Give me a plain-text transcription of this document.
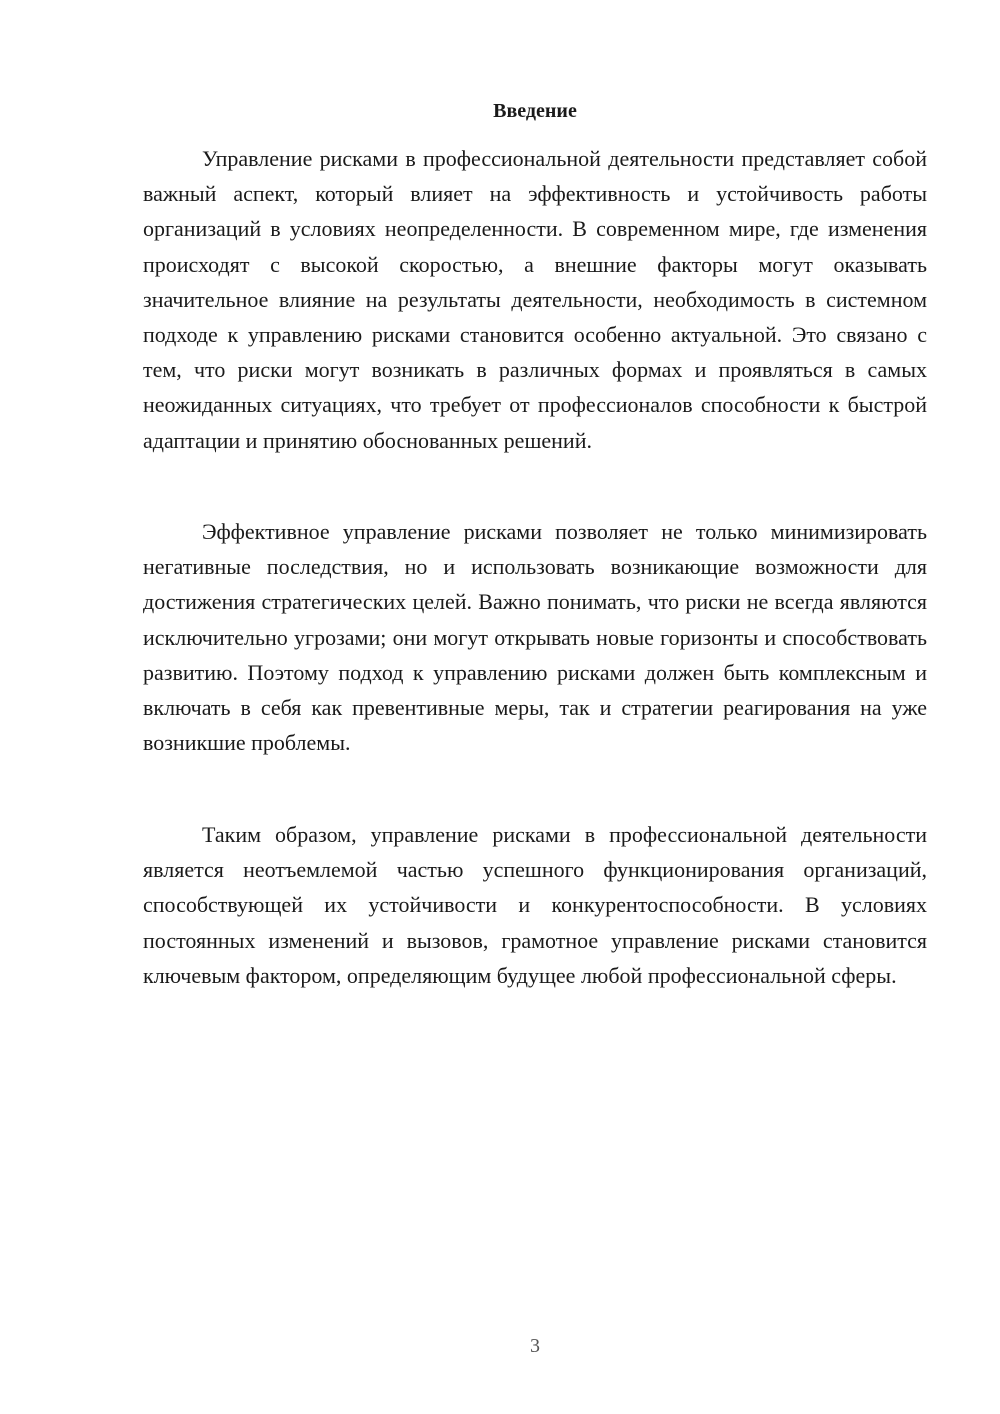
Введение

Управление рисками в профессиональной деятельности представляет собой важный аспект, который влияет на эффективность и устойчивость работы организаций в условиях неопределенности. В современном мире, где изменения происходят с высокой скоростью, а внешние факторы могут оказывать значительное влияние на результаты деятельности, необходимость в системном подходе к управлению рисками становится особенно актуальной. Это связано с тем, что риски могут возникать в различных формах и проявляться в самых неожиданных ситуациях, что требует от профессионалов способности к быстрой адаптации и принятию обоснованных решений.

Эффективное управление рисками позволяет не только минимизировать негативные последствия, но и использовать возникающие возможности для достижения стратегических целей. Важно понимать, что риски не всегда являются исключительно угрозами; они могут открывать новые горизонты и способствовать развитию. Поэтому подход к управлению рисками должен быть комплексным и включать в себя как превентивные меры, так и стратегии реагирования на уже возникшие проблемы.

Таким образом, управление рисками в профессиональной деятельности является неотъемлемой частью успешного функционирования организаций, способствующей их устойчивости и конкурентоспособности. В условиях постоянных изменений и вызовов, грамотное управление рисками становится ключевым фактором, определяющим будущее любой профессиональной сферы.

3
